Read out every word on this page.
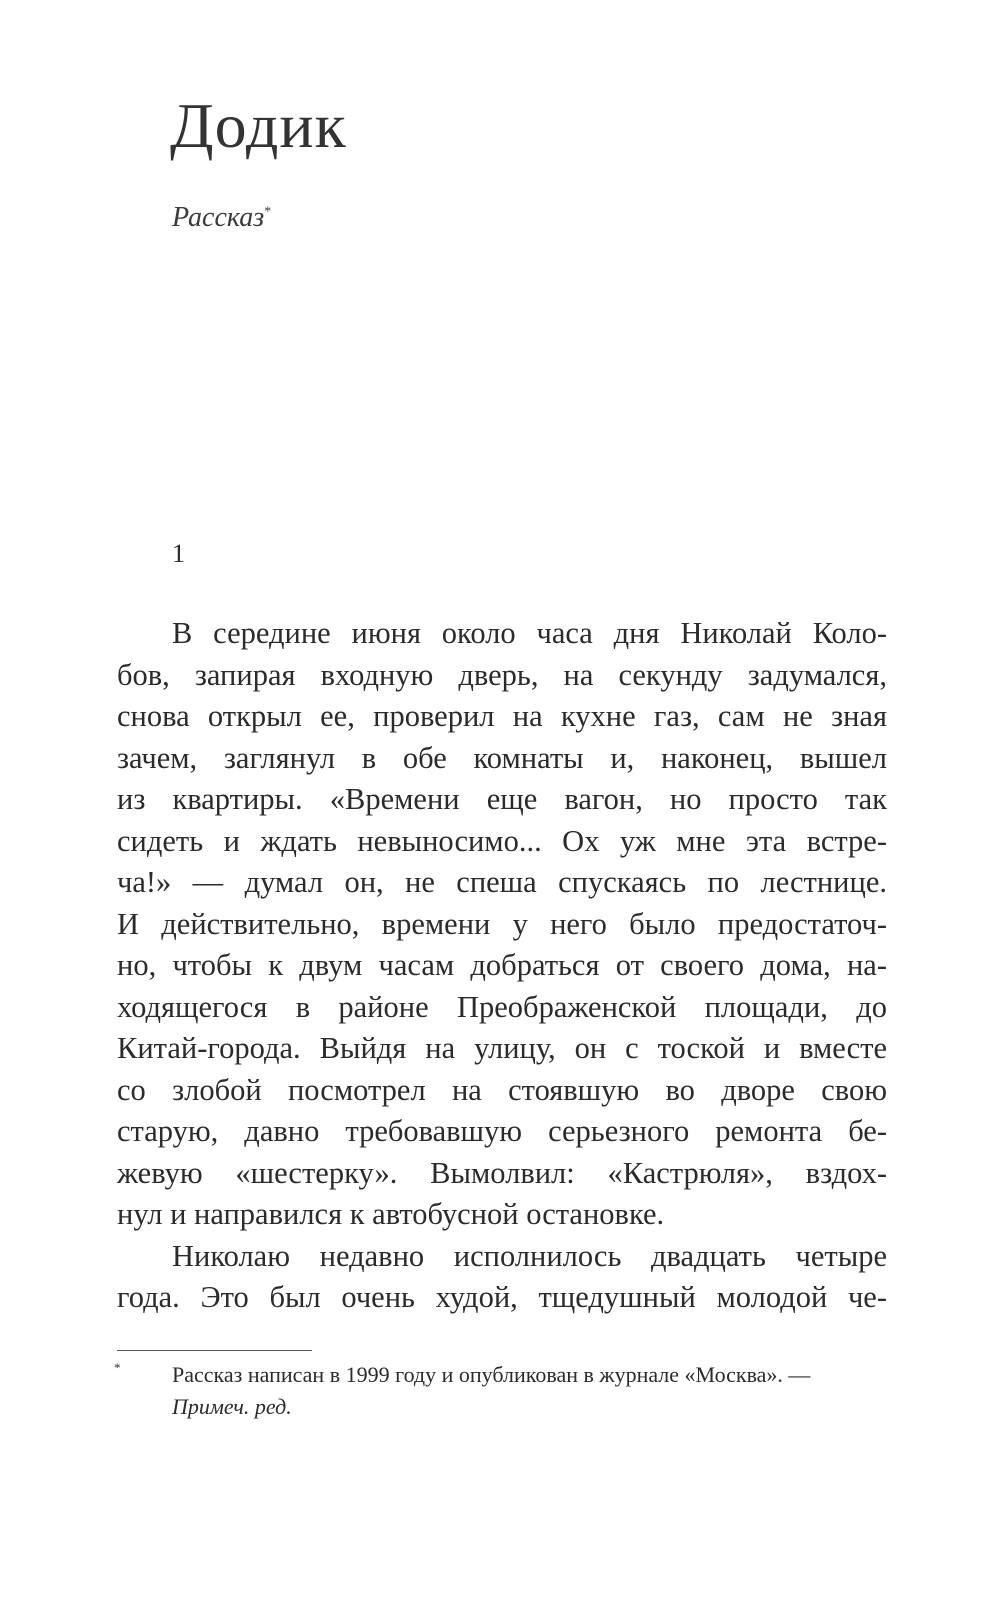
Додик
Рассказ*
1
В середине июня около часа дня Николай Коло-
бов, запирая входную дверь, на секунду задумался,
снова открыл ее, проверил на кухне газ, сам не зная
зачем, заглянул в обе комнаты и, наконец, вышел
из квартиры. «Времени еще вагон, но просто так
сидеть и ждать невыносимо... Ох уж мне эта встре-
ча!» — думал он, не спеша спускаясь по лестнице.
И действительно, времени у него было предостаточ-
но, чтобы к двум часам добраться от своего дома, на-
ходящегося в районе Преображенской площади, до
Китай-города. Выйдя на улицу, он с тоской и вместе
со злобой посмотрел на стоявшую во дворе свою
старую, давно требовавшую серьезного ремонта бе-
жевую «шестерку». Вымолвил: «Кастрюля», вздох-
нул и направился к автобусной остановке.
Николаю недавно исполнилось двадцать четыре
года. Это был очень худой, тщедушный молодой че-
* Рассказ написан в 1999 году и опубликован в журнале «Москва». —
Примеч. ред.
